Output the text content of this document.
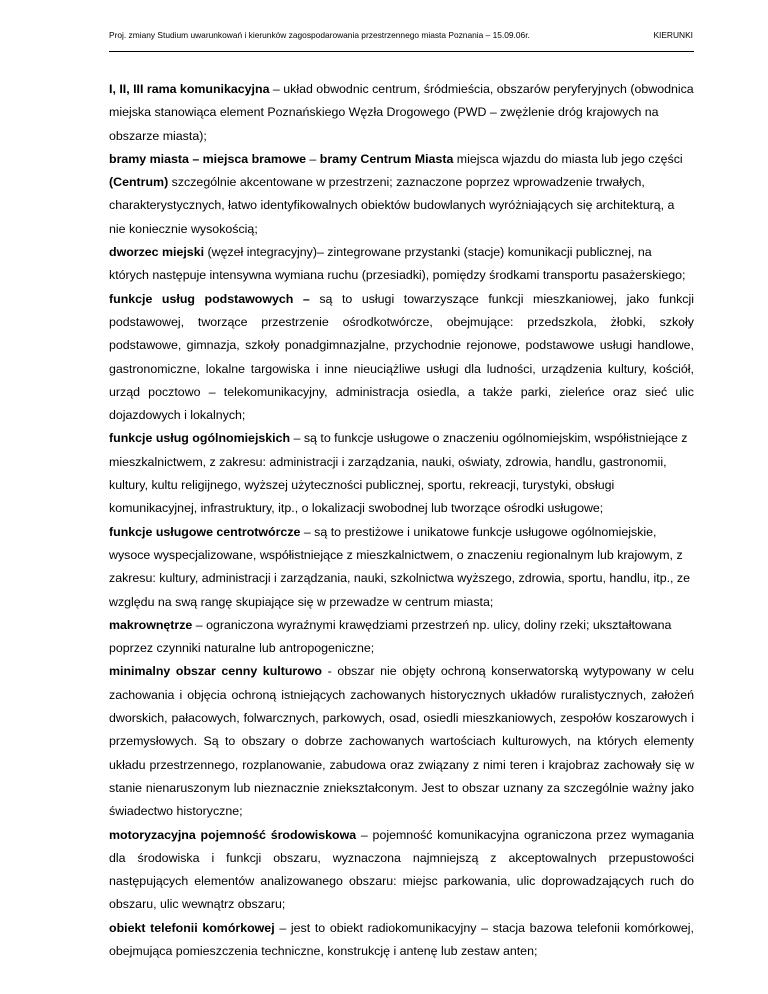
Proj. zmiany Studium uwarunkowań i kierunków zagospodarowania przestrzennego miasta Poznania – 15.09.06r.	KIERUNKI
I, II, III rama komunikacyjna – układ obwodnic centrum, śródmieścia, obszarów peryferyjnych (obwodnica miejska stanowiąca element Poznańskiego Węzła Drogowego (PWD – zwężlenie dróg krajowych na obszarze miasta);
bramy miasta – miejsca bramowe – bramy Centrum Miasta miejsca wjazdu do miasta lub jego części (Centrum) szczególnie akcentowane w przestrzeni; zaznaczone poprzez wprowadzenie trwałych, charakterystycznych, łatwo identyfikowalnych obiektów budowlanych wyróżniających się architekturą, a nie koniecznie wysokością;
dworzec miejski (węzeł integracyjny)– zintegrowane przystanki (stacje) komunikacji publicznej, na których następuje intensywna wymiana ruchu (przesiadki), pomiędzy środkami transportu pasażerskiego;
funkcje usług podstawowych – są to usługi towarzyszące funkcji mieszkaniowej, jako funkcji podstawowej, tworzące przestrzenie ośrodkotwórcze, obejmujące: przedszkola, żłobki, szkoły podstawowe, gimnazja, szkoły ponadgimnazjalne, przychodnie rejonowe, podstawowe usługi handlowe, gastronomiczne, lokalne targowiska i inne nieuciążliwe usługi dla ludności, urządzenia kultury, kościół, urząd pocztowo – telekomunikacyjny, administracja osiedla, a także parki, zieleńce oraz sieć ulic dojazdowych i lokalnych;
funkcje usług ogólnomiejskich – są to funkcje usługowe o znaczeniu ogólnomiejskim, współistniejące z mieszkalnictwem, z zakresu: administracji i zarządzania, nauki, oświaty, zdrowia, handlu, gastronomii, kultury, kultu religijnego, wyższej użyteczności publicznej, sportu, rekreacji, turystyki, obsługi komunikacyjnej, infrastruktury, itp., o lokalizacji swobodnej lub tworzące ośrodki usługowe;
funkcje usługowe centrotwórcze – są to prestiżowe i unikatowe funkcje usługowe ogólnomiejskie, wysoce wyspecjalizowane, współistniejące z mieszkalnictwem, o znaczeniu regionalnym lub krajowym, z zakresu: kultury, administracji i zarządzania, nauki, szkolnictwa wyższego, zdrowia, sportu, handlu, itp., ze względu na swą rangę skupiające się w przewadze w centrum miasta;
makrownętrze – ograniczona wyraźnymi krawędziami przestrzeń np. ulicy, doliny rzeki; ukształtowana poprzez czynniki naturalne lub antropogeniczne;
minimalny obszar cenny kulturowo - obszar nie objęty ochroną konserwatorską wytypowany w celu zachowania i objęcia ochroną istniejących zachowanych historycznych układów ruralistycznych, założeń dworskich, pałacowych, folwarcznych, parkowych, osad, osiedli mieszkaniowych, zespołów koszarowych i przemysłowych. Są to obszary o dobrze zachowanych wartościach kulturowych, na których elementy układu przestrzennego, rozplanowanie, zabudowa oraz związany z nimi teren i krajobraz zachowały się w stanie nienaruszonym lub nieznacznie zniekształconym. Jest to obszar uznany za szczególnie ważny jako świadectwo historyczne;
motoryzacyjna pojemność środowiskowa – pojemność komunikacyjna ograniczona przez wymagania dla środowiska i funkcji obszaru, wyznaczona najmniejszą z akceptowalnych przepustowości następujących elementów analizowanego obszaru: miejsc parkowania, ulic doprowadzających ruch do obszaru, ulic wewnątrz obszaru;
obiekt telefonii komórkowej – jest to obiekt radiokomunikacyjny – stacja bazowa telefonii komórkowej, obejmująca pomieszczenia techniczne, konstrukcję i antenę lub zestaw anten;
